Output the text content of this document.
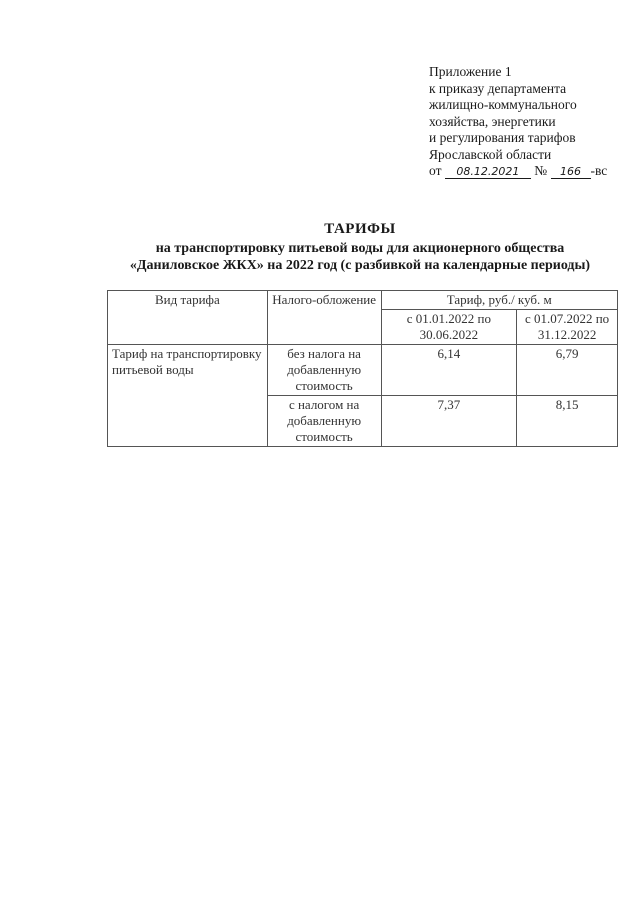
Приложение 1
к приказу департамента
жилищно-коммунального
хозяйства, энергетики
и регулирования тарифов
Ярославской области
от 08.12.2021 № 166 -вс
ТАРИФЫ
на транспортировку питьевой воды для акционерного общества
«Даниловское ЖКХ» на 2022 год (с разбивкой на календарные периоды)
Вид тарифа	Налого-обложение	Тариф, руб./ куб. м	
		с 01.01.2022 по 30.06.2022	с 01.07.2022 по 31.12.2022
Тариф на транспортировку питьевой воды	без налога на добавленную стоимость	6,14	6,79
	с налогом на добавленную стоимость	7,37	8,15
